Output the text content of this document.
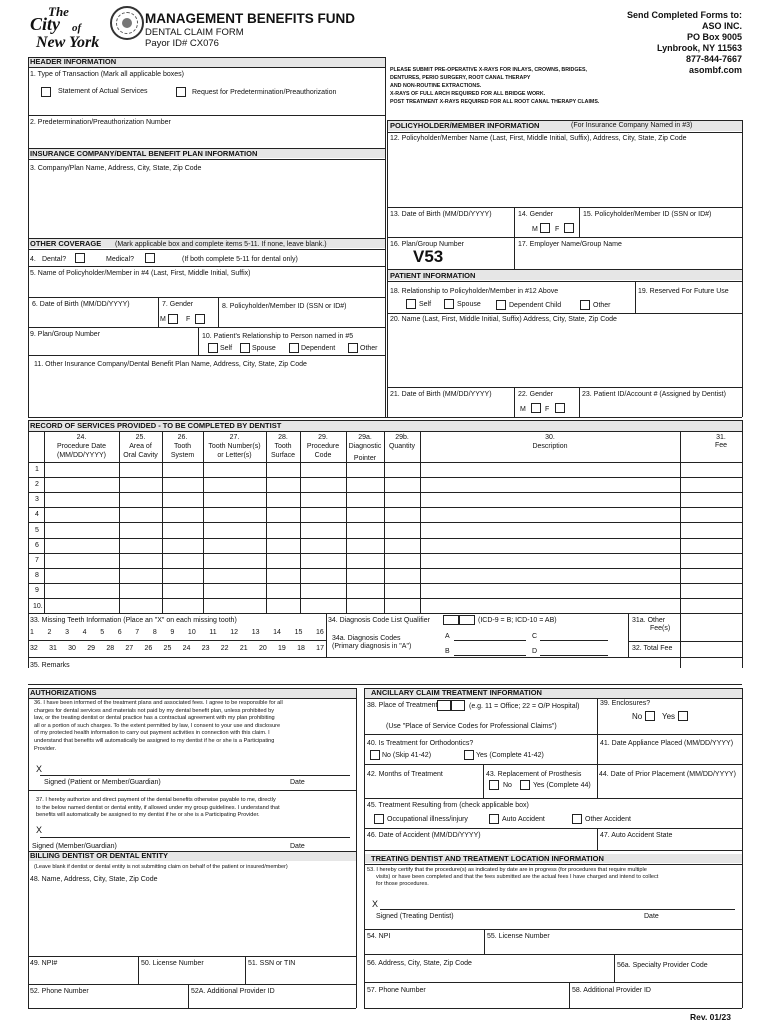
The
City of
New York
MANAGEMENT BENEFITS FUND
DENTAL CLAIM FORM
Payor ID# CX076
Send Completed Forms to:
ASO INC.
PO Box 9005
Lynbrook, NY 11563
877-844-7667
asombf.com
PLEASE SUBMIT PRE-OPERATIVE X-RAYS FOR INLAYS, CROWNS, BRIDGES,
DENTURES, PERIO SURGERY, ROOT CANAL THERAPY
AND NON-ROUTINE EXTRACTIONS.
X-RAYS OF FULL ARCH REQUIRED FOR ALL BRIDGE WORK.
POST TREATMENT X-RAYS REQUIRED FOR ALL ROOT CANAL THERAPY CLAIMS.
HEADER INFORMATION
1. Type of Transaction (Mark all applicable boxes)
Statement of Actual Services	Request for Predetermination/Preauthorization
2. Predetermination/Preauthorization Number
INSURANCE COMPANY/DENTAL BENEFIT PLAN INFORMATION
3. Company/Plan Name, Address, City, State, Zip Code
OTHER COVERAGE (Mark applicable box and complete items 5-11. If none, leave blank.)
4. Dental?	Medical?	(If both complete 5-11 for dental only)
5. Name of Policyholder/Member in #4 (Last, First, Middle Initial, Suffix)
6. Date of Birth (MM/DD/YYYY)	7. Gender
M	F
8. Policyholder/Member ID (SSN or ID#)
9. Plan/Group Number	10. Patient's Relationship to Person named in #5
Self	Spouse	Dependent	Other
11. Other Insurance Company/Dental Benefit Plan Name, Address, City, State, Zip Code
POLICYHOLDER/MEMBER INFORMATION	(For Insurance Company Named in #3)
12. Policyholder/Member Name (Last, First, Middle Initial, Suffix), Address, City, State, Zip Code
13. Date of Birth (MM/DD/YYYY)	14. Gender
M F
15. Policyholder/Member ID (SSN or ID#)
16. Plan/Group Number
V53
17. Employer Name/Group Name
PATIENT INFORMATION
18. Relationship to Policyholder/Member in #12 Above	19. Reserved For Future Use
Self	Spouse	Dependent Child	Other
20. Name (Last, First, Middle Initial, Suffix) Address, City, State, Zip Code
21. Date of Birth (MM/DD/YYYY)	22. Gender
M	F
23. Patient ID/Account # (Assigned by Dentist)
RECORD OF SERVICES PROVIDED - TO BE COMPLETED BY DENTIST
24.
Procedure Date
(MM/DD/YYYY)
25.
Area of
Oral Cavity
26.
Tooth
System
27.
Tooth Number(s)
or Letter(s)
28.
Tooth
Surface
29.
Procedure
Code
29a.
Diagnostic
Pointer
29b.
Quantity
30.
Description
31.
Fee
1
2
3
4
5
6
7
8
9
10.
33. Missing Teeth Information (Place an "X" on each missing tooth)
1 2 3 4 5 6 7 8 9 10 11 12 13 14 15 16
32 31 30 29 28 27 26 25 24 23 22 21 20 19 18 17
34. Diagnosis Code List Qualifier	(ICD-9 = B; ICD-10 = AB)
34a. Diagnosis Codes
(Primary diagnosis in "A")
A
B
C
D
31a. Other
Fee(s)
32. Total Fee
35. Remarks
AUTHORIZATIONS
36. I have been informed of the treatment plans and associated fees. I agree to be responsible for all
charges for dental services and materials not paid by my dental benefit plan, unless prohibited by
law, or the treating dentist or dental practice has a contractual agreement with my plan prohibiting
all or a portion of such charges. To the extent permitted by law, I consent to your use and disclosure
of my protected health information to carry out payment activities in connection with this claim. I
understand that benefits will automatically be assigned to my dentist if he or she is a Participating
Provider.
X
Signed (Patient or Member/Guardian)	Date
37. I hereby authorize and direct payment of the dental benefits otherwise payable to me, directly
to the below named dentist or dental entity, if allowed under my group guidelines. I understand that
benefits will automatically be assigned to my dentist if he or she is a Participating Provider.
X
Signed (Member/Guardian)	Date
BILLING DENTIST OR DENTAL ENTITY
(Leave blank if dentist or dental entity is not submitting claim on behalf of the patient or insured/member)
48. Name, Address, City, State, Zip Code
49. NPI#	50. License Number	51. SSN or TIN
52. Phone Number	52A. Additional Provider ID
ANCILLARY CLAIM TREATMENT INFORMATION
38. Place of Treatment	(e.g. 11 = Office; 22 = O/P Hospital)
(Use "Place of Service Codes for Professional Claims")
39. Enclosures?
No Yes
40. Is Treatment for Orthodontics?
No (Skip 41-42)	Yes (Complete 41-42)
41. Date Appliance Placed (MM/DD/YYYY)
42. Months of Treatment	43. Replacement of Prosthesis
No	Yes (Complete 44)
44. Date of Prior Placement (MM/DD/YYYY)
45. Treatment Resulting from (check applicable box)
Occupational illness/injury	Auto Accident	Other Accident
46. Date of Accident (MM/DD/YYYY)	47. Auto Accident State
TREATING DENTIST AND TREATMENT LOCATION INFORMATION
53. I hereby certify that the procedure(s) as indicated by date are in progress (for procedures that require multiple
visits) or have been completed and that the fees submitted are the actual fees I have charged and intend to collect
for those procedures.
X
Signed (Treating Dentist)	Date
54. NPI	55. License Number
56. Address, City, State, Zip Code	56a. Specialty Provider Code
57. Phone Number	58. Additional Provider ID
Rev. 01/23
